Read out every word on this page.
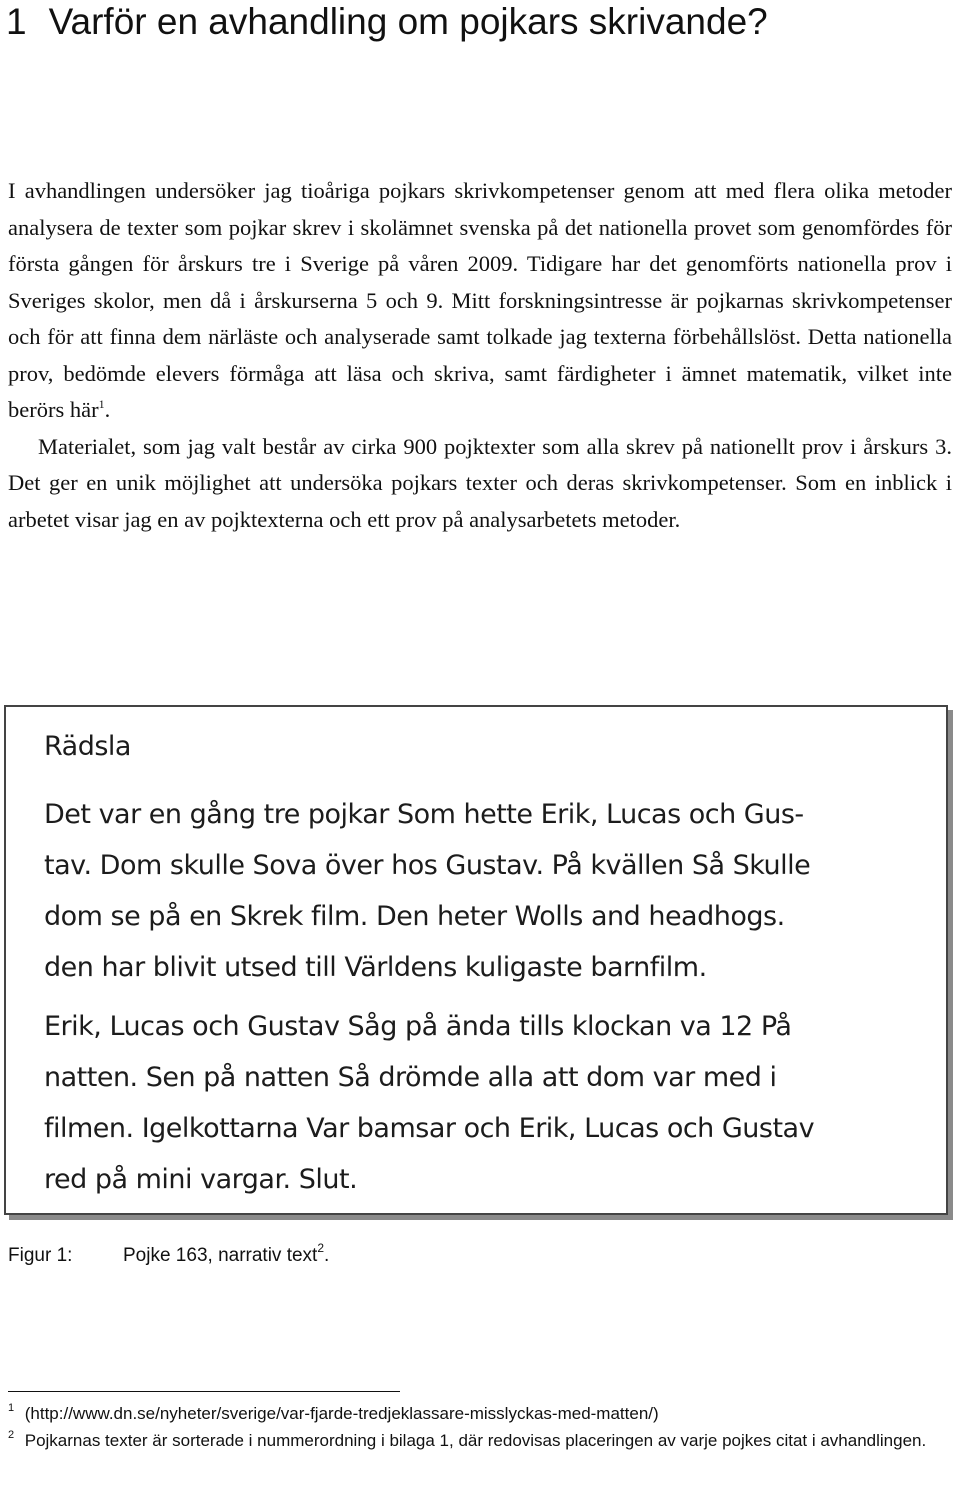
1 Varför en avhandling om pojkars skrivande?

I avhandlingen undersöker jag tioåriga pojkars skrivkompetenser genom att med flera olika metoder analysera de texter som pojkar skrev i skolämnet svenska på det nationella provet som genomfördes för första gången för årskurs tre i Sverige på våren 2009. Tidigare har det genomförts nationella prov i Sveriges skolor, men då i årskurserna 5 och 9. Mitt forskningsintresse är pojkarnas skrivkompetenser och för att finna dem närläste och analyserade samt tolkade jag texterna förbehållslöst. Detta nationella prov, bedömde elevers förmåga att läsa och skriva, samt färdigheter i ämnet matematik, vilket inte berörs här$^1$.

Materialet, som jag valt består av cirka 900 pojktexter som alla skrev på nationellt prov i årskurs 3. Det ger en unik möjlighet att undersöka pojkars texter och deras skrivkompetenser. Som en inblick i arbetet visar jag en av pojktexterna och ett prov på analysarbetets metoder.

Rädsla
Det var en gång tre pojkar Som hette Erik, Lucas och Gus-
tav. Dom skulle Sova över hos Gustav. På kvällen Så Skulle
dom se på en Skrek film. Den heter Wolls and headhogs.
den har blivit utsed till Världens kuligaste barnfilm.
Erik, Lucas och Gustav Såg på ända tills klockan va 12 På
natten. Sen på natten Så drömde alla att dom var med i
filmen. Igelkottarna Var bamsar och Erik, Lucas och Gustav
red på mini vargar. Slut.
Figur 1:	Pojke 163, narrativ text$^2$.

$^1$ (http://www.dn.se/nyheter/sverige/var-fjarde-tredjeklassare-misslyckas-med-matten/)

$^2$ Pojkarnas texter är sorterade i nummerordning i bilaga 1, där redovisas placeringen av varje pojkes citat i avhandlingen.
